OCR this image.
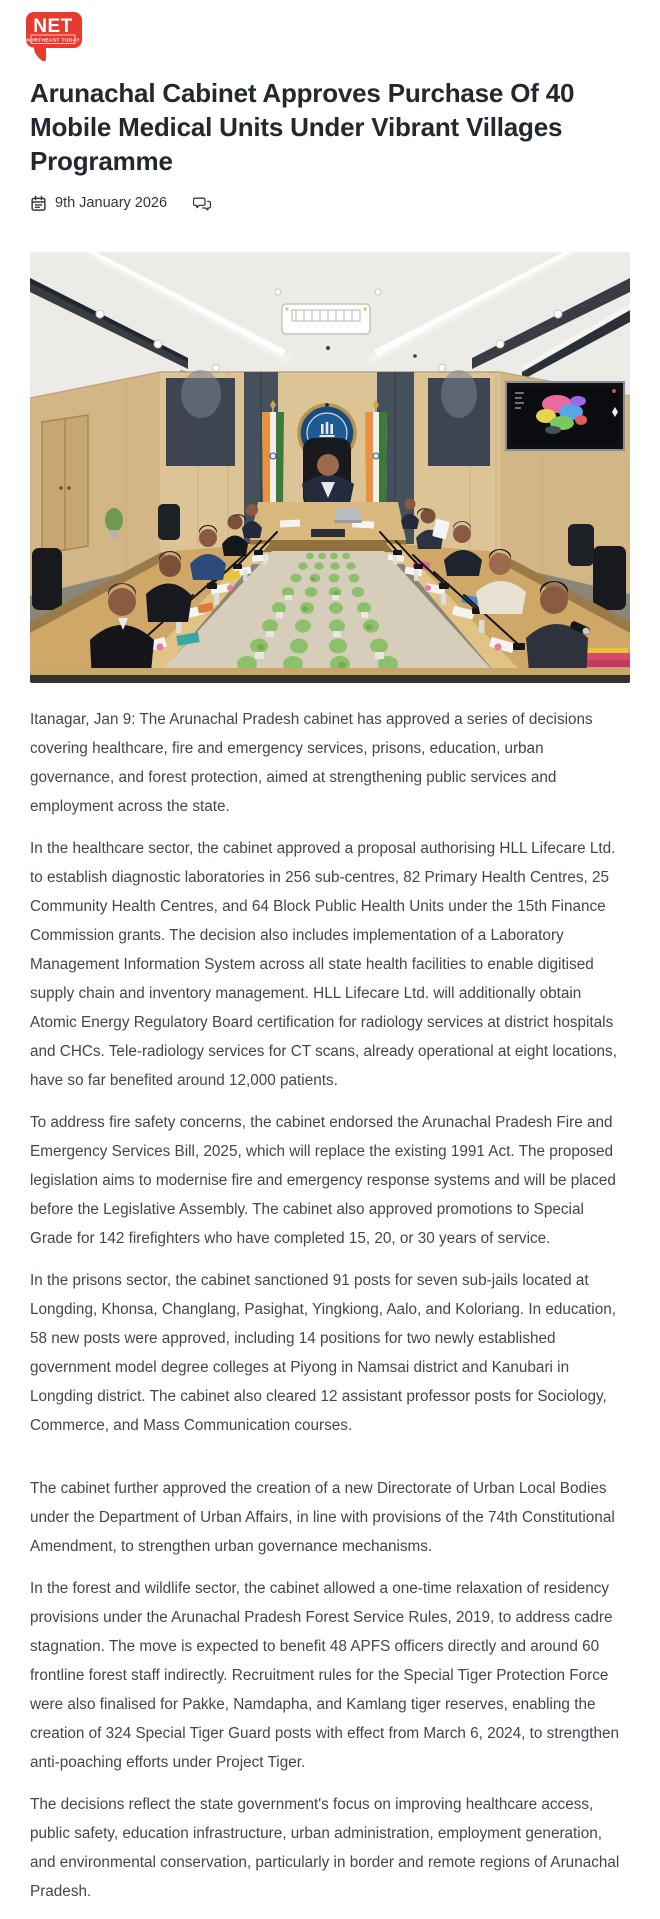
NET
NORTHEAST TODAY
Arunachal Cabinet Approves Purchase Of 40 Mobile Medical Units Under Vibrant Villages Programme
9th January 2026

Itanagar, Jan 9: The Arunachal Pradesh cabinet has approved a series of decisions covering healthcare, fire and emergency services, prisons, education, urban governance, and forest protection, aimed at strengthening public services and employment across the state.

In the healthcare sector, the cabinet approved a proposal authorising HLL Lifecare Ltd. to establish diagnostic laboratories in 256 sub-centres, 82 Primary Health Centres, 25 Community Health Centres, and 64 Block Public Health Units under the 15th Finance Commission grants. The decision also includes implementation of a Laboratory Management Information System across all state health facilities to enable digitised supply chain and inventory management. HLL Lifecare Ltd. will additionally obtain Atomic Energy Regulatory Board certification for radiology services at district hospitals and CHCs. Tele-radiology services for CT scans, already operational at eight locations, have so far benefited around 12,000 patients.

To address fire safety concerns, the cabinet endorsed the Arunachal Pradesh Fire and Emergency Services Bill, 2025, which will replace the existing 1991 Act. The proposed legislation aims to modernise fire and emergency response systems and will be placed before the Legislative Assembly. The cabinet also approved promotions to Special Grade for 142 firefighters who have completed 15, 20, or 30 years of service.

In the prisons sector, the cabinet sanctioned 91 posts for seven sub-jails located at Longding, Khonsa, Changlang, Pasighat, Yingkiong, Aalo, and Koloriang. In education, 58 new posts were approved, including 14 positions for two newly established government model degree colleges at Piyong in Namsai district and Kanubari in Longding district. The cabinet also cleared 12 assistant professor posts for Sociology, Commerce, and Mass Communication courses.

The cabinet further approved the creation of a new Directorate of Urban Local Bodies under the Department of Urban Affairs, in line with provisions of the 74th Constitutional Amendment, to strengthen urban governance mechanisms.

In the forest and wildlife sector, the cabinet allowed a one-time relaxation of residency provisions under the Arunachal Pradesh Forest Service Rules, 2019, to address cadre stagnation. The move is expected to benefit 48 APFS officers directly and around 60 frontline forest staff indirectly. Recruitment rules for the Special Tiger Protection Force were also finalised for Pakke, Namdapha, and Kamlang tiger reserves, enabling the creation of 324 Special Tiger Guard posts with effect from March 6, 2024, to strengthen anti-poaching efforts under Project Tiger.

The decisions reflect the state government's focus on improving healthcare access, public safety, education infrastructure, urban administration, employment generation, and environmental conservation, particularly in border and remote regions of Arunachal Pradesh.
